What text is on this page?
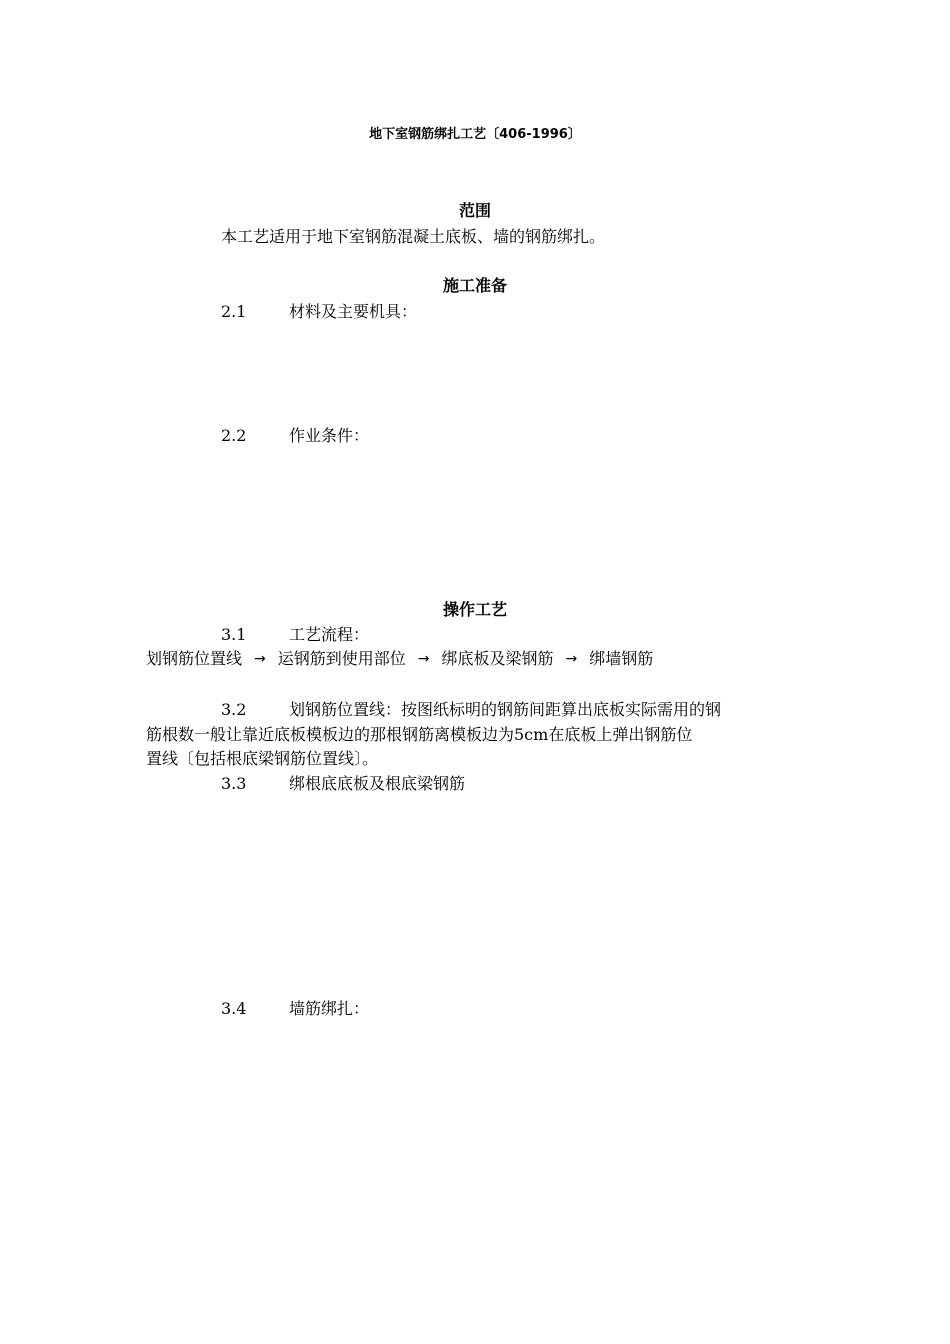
地下室钢筋绑扎工艺〔406-1996〕
范围
本工艺适用于地下室钢筋混凝土底板、墙的钢筋绑扎。
施工准备
2.1	材料及主要机具：
2.2	作业条件：
操作工艺
3.1	工艺流程：
划钢筋位置线 → 运钢筋到使用部位 → 绑底板及梁钢筋 → 绑墙钢筋
3.2	划钢筋位置线：按图纸标明的钢筋间距算出底板实际需用的钢
筋根数一般让靠近底板模板边的那根钢筋离模板边为5cm在底板上弹出钢筋位
置线〔包括根底梁钢筋位置线〕。
3.3	绑根底底板及根底梁钢筋
3.4	墙筋绑扎：
